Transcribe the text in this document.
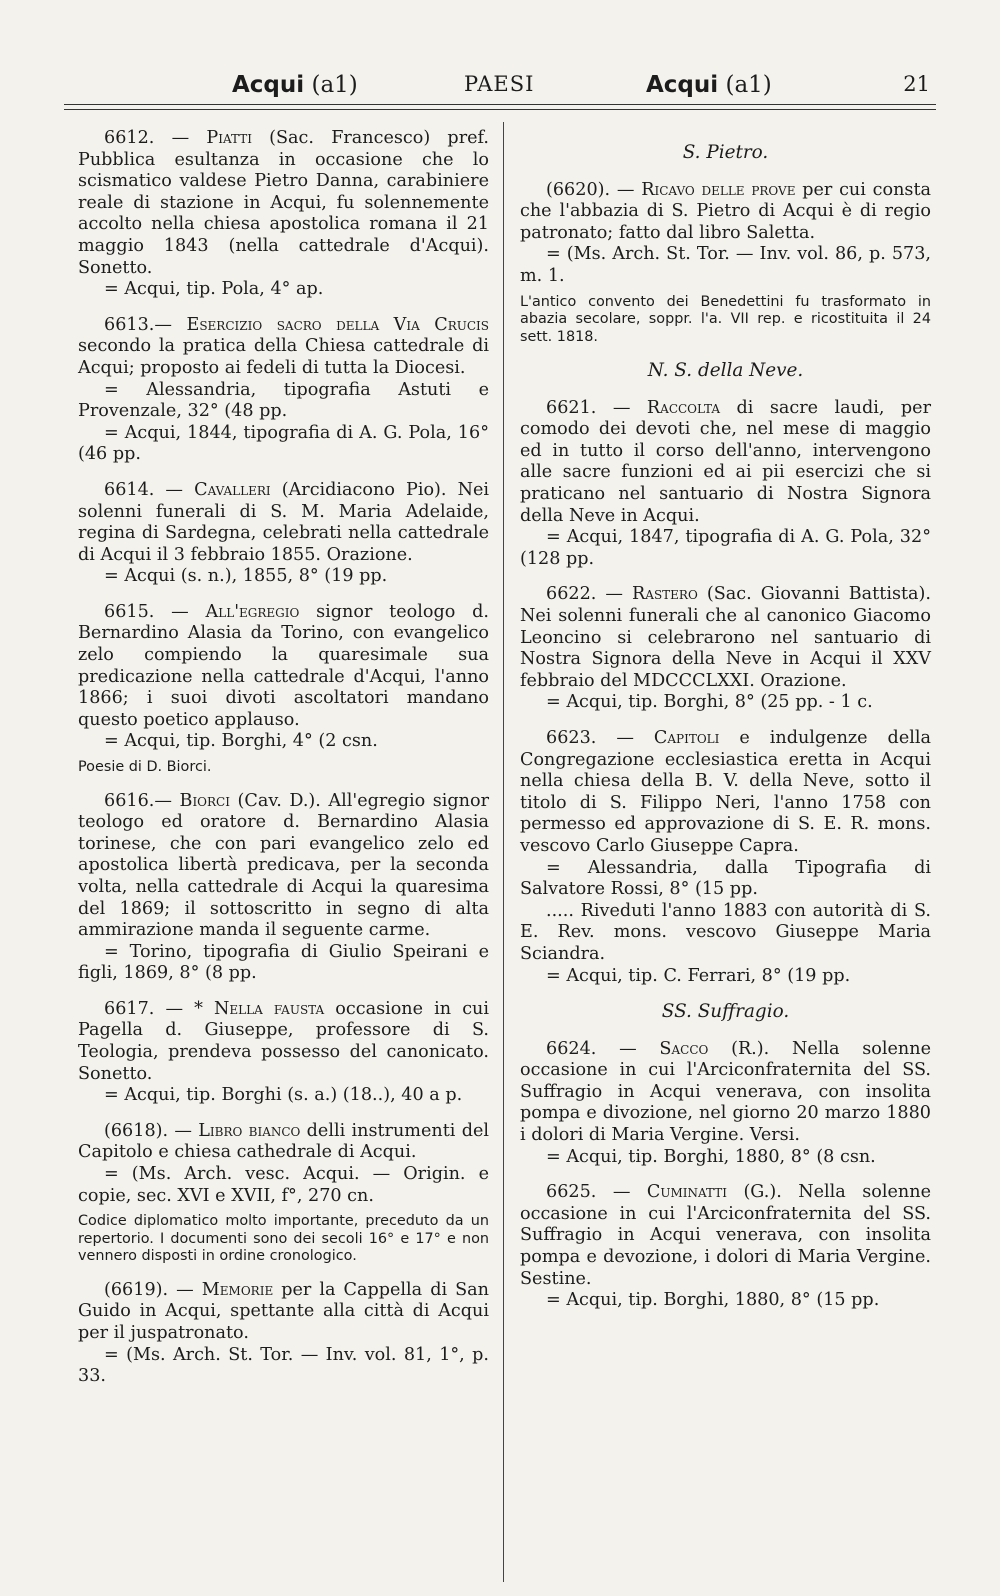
Acqui (a1)	PAESI	Acqui (a1)	21

6612. — Piatti (Sac. Francesco) pref. Pubblica esultanza in occasione che lo scismatico valdese Pietro Danna, carabiniere reale di stazione in Acqui, fu solennemente accolto nella chiesa apostolica romana il 21 maggio 1843 (nella cattedrale d'Acqui). Sonetto.

= Acqui, tip. Pola, 4° ap.

6613.— Esercizio sacro della Via Crucis secondo la pratica della Chiesa cattedrale di Acqui; proposto ai fedeli di tutta la Diocesi.

= Alessandria, tipografia Astuti e Provenzale, 32° (48 pp.

= Acqui, 1844, tipografia di A. G. Pola, 16° (46 pp.

6614. — Cavalleri (Arcidiacono Pio). Nei solenni funerali di S. M. Maria Adelaide, regina di Sardegna, celebrati nella cattedrale di Acqui il 3 febbraio 1855. Orazione.

= Acqui (s. n.), 1855, 8° (19 pp.

6615. — All'egregio signor teologo d. Bernardino Alasia da Torino, con evangelico zelo compiendo la quaresimale sua predicazione nella cattedrale d'Acqui, l'anno 1866; i suoi divoti ascoltatori mandano questo poetico applauso.

= Acqui, tip. Borghi, 4° (2 csn.

Poesie di D. Biorci.

6616.— Biorci (Cav. D.). All'egregio signor teologo ed oratore d. Bernardino Alasia torinese, che con pari evangelico zelo ed apostolica libertà predicava, per la seconda volta, nella cattedrale di Acqui la quaresima del 1869; il sottoscritto in segno di alta ammirazione manda il seguente carme.

= Torino, tipografia di Giulio Speirani e figli, 1869, 8° (8 pp.

6617. — * Nella fausta occasione in cui Pagella d. Giuseppe, professore di S. Teologia, prendeva possesso del canonicato. Sonetto.

= Acqui, tip. Borghi (s. a.) (18..), 40 a p.

(6618). — Libro bianco delli instrumenti del Capitolo e chiesa cathedrale di Acqui.

= (Ms. Arch. vesc. Acqui. — Origin. e copie, sec. XVI e XVII, f°, 270 cn.

Codice diplomatico molto importante, preceduto da un repertorio. I documenti sono dei secoli 16° e 17° e non vennero disposti in ordine cronologico.

(6619). — Memorie per la Cappella di San Guido in Acqui, spettante alla città di Acqui per il juspatronato.

= (Ms. Arch. St. Tor. — Inv. vol. 81, 1°, p. 33.

S. Pietro.

(6620). — Ricavo delle prove per cui consta che l'abbazia di S. Pietro di Acqui è di regio patronato; fatto dal libro Saletta.

= (Ms. Arch. St. Tor. — Inv. vol. 86, p. 573, m. 1.

L'antico convento dei Benedettini fu trasformato in abazia secolare, soppr. l'a. VII rep. e ricostituita il 24 sett. 1818.
N. S. della Neve.

6621. — Raccolta di sacre laudi, per comodo dei devoti che, nel mese di maggio ed in tutto il corso dell'anno, intervengono alle sacre funzioni ed ai pii esercizi che si praticano nel santuario di Nostra Signora della Neve in Acqui.

= Acqui, 1847, tipografia di A. G. Pola, 32° (128 pp.

6622. — Rastero (Sac. Giovanni Battista). Nei solenni funerali che al canonico Giacomo Leoncino si celebrarono nel santuario di Nostra Signora della Neve in Acqui il XXV febbraio del MDCCCLXXI. Orazione.

= Acqui, tip. Borghi, 8° (25 pp. - 1 c.

6623. — Capitoli e indulgenze della Congregazione ecclesiastica eretta in Acqui nella chiesa della B. V. della Neve, sotto il titolo di S. Filippo Neri, l'anno 1758 con permesso ed approvazione di S. E. R. mons. vescovo Carlo Giuseppe Capra.

= Alessandria, dalla Tipografia di Salvatore Rossi, 8° (15 pp.

..... Riveduti l'anno 1883 con autorità di S. E. Rev. mons. vescovo Giuseppe Maria Sciandra.

= Acqui, tip. C. Ferrari, 8° (19 pp.

SS. Suffragio.

6624. — Sacco (R.). Nella solenne occasione in cui l'Arciconfraternita del SS. Suffragio in Acqui venerava, con insolita pompa e divozione, nel giorno 20 marzo 1880 i dolori di Maria Vergine. Versi.

= Acqui, tip. Borghi, 1880, 8° (8 csn.

6625. — Cuminatti (G.). Nella solenne occasione in cui l'Arciconfraternita del SS. Suffragio in Acqui venerava, con insolita pompa e devozione, i dolori di Maria Vergine. Sestine.

= Acqui, tip. Borghi, 1880, 8° (15 pp.
